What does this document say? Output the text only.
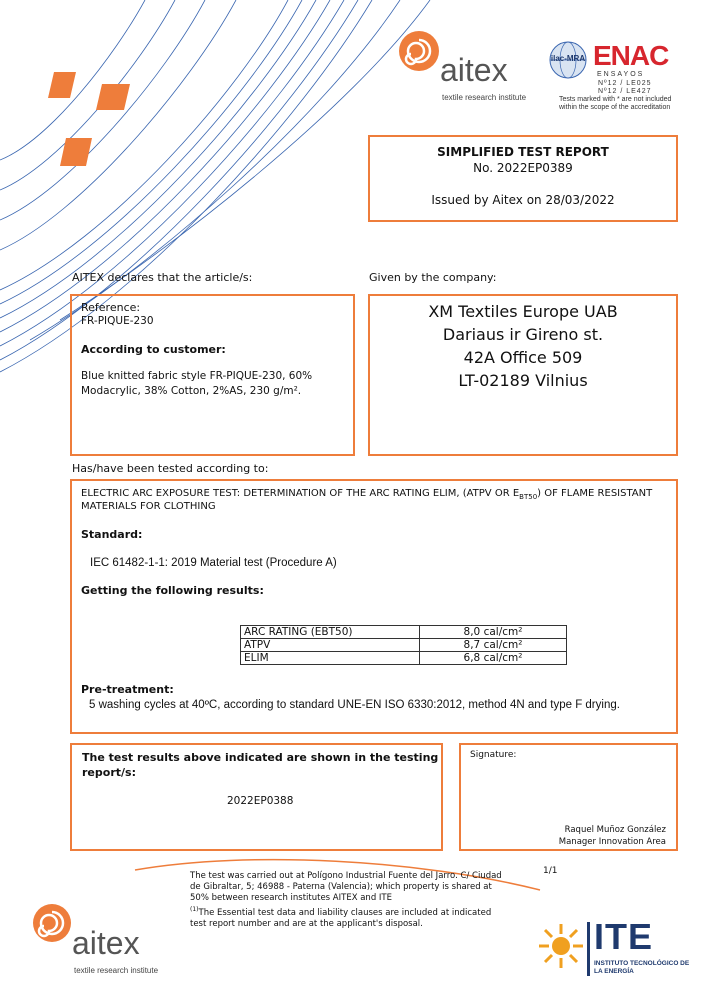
aitex
textile research institute
ilac-MRA ENAC
ENSAYOS
Nº12 / LE025
Nº12 / LE427
Tests marked with * are not included
within the scope of the accreditation
SIMPLIFIED TEST REPORT
No. 2022EP0389
Issued by Aitex on 28/03/2022
AITEX declares that the article/s:
Reference:
FR-PIQUE-230
According to customer:
Blue knitted fabric style FR-PIQUE-230, 60%
Modacrylic, 38% Cotton, 2%AS, 230 g/m².
Given by the company:
XM Textiles Europe UAB
Dariaus ir Gireno st.
42A Office 509
LT-02189 Vilnius
Has/have been tested according to:
ELECTRIC ARC EXPOSURE TEST: DETERMINATION OF THE ARC RATING ELIM, (ATPV OR $E_{BT50}$) OF FLAME RESISTANT
MATERIALS FOR CLOTHING
Standard:
IEC 61482-1-1: 2019 Material test (Procedure A)
Getting the following results:
Pre-treatment:
5 washing cycles at 40ºC, according to standard UNE-EN ISO 6330:2012, method 4N and type F drying.
ARC RATING (EBT50)	8,0 cal/cm²
ATPV	8,7 cal/cm²
ELIM	6,8 cal/cm²
The test results above indicated are shown in the testing
report/s:
2022EP0388
Signature:
Raquel Muñoz González
Manager Innovation Area
1/1
The test was carried out at Polígono Industrial Fuente del Jarro. C/ Ciudad
de Gibraltar, 5; 46988 - Paterna (Valencia); which property is shared at
50% between research institutes AITEX and ITE
$^{(1)}$The Essential test data and liability clauses are included at indicated
test report number and are at the applicant's disposal.
aitex
textile research institute
ITE
INSTITUTO TECNOLÓGICO DE
LA ENERGÍA
